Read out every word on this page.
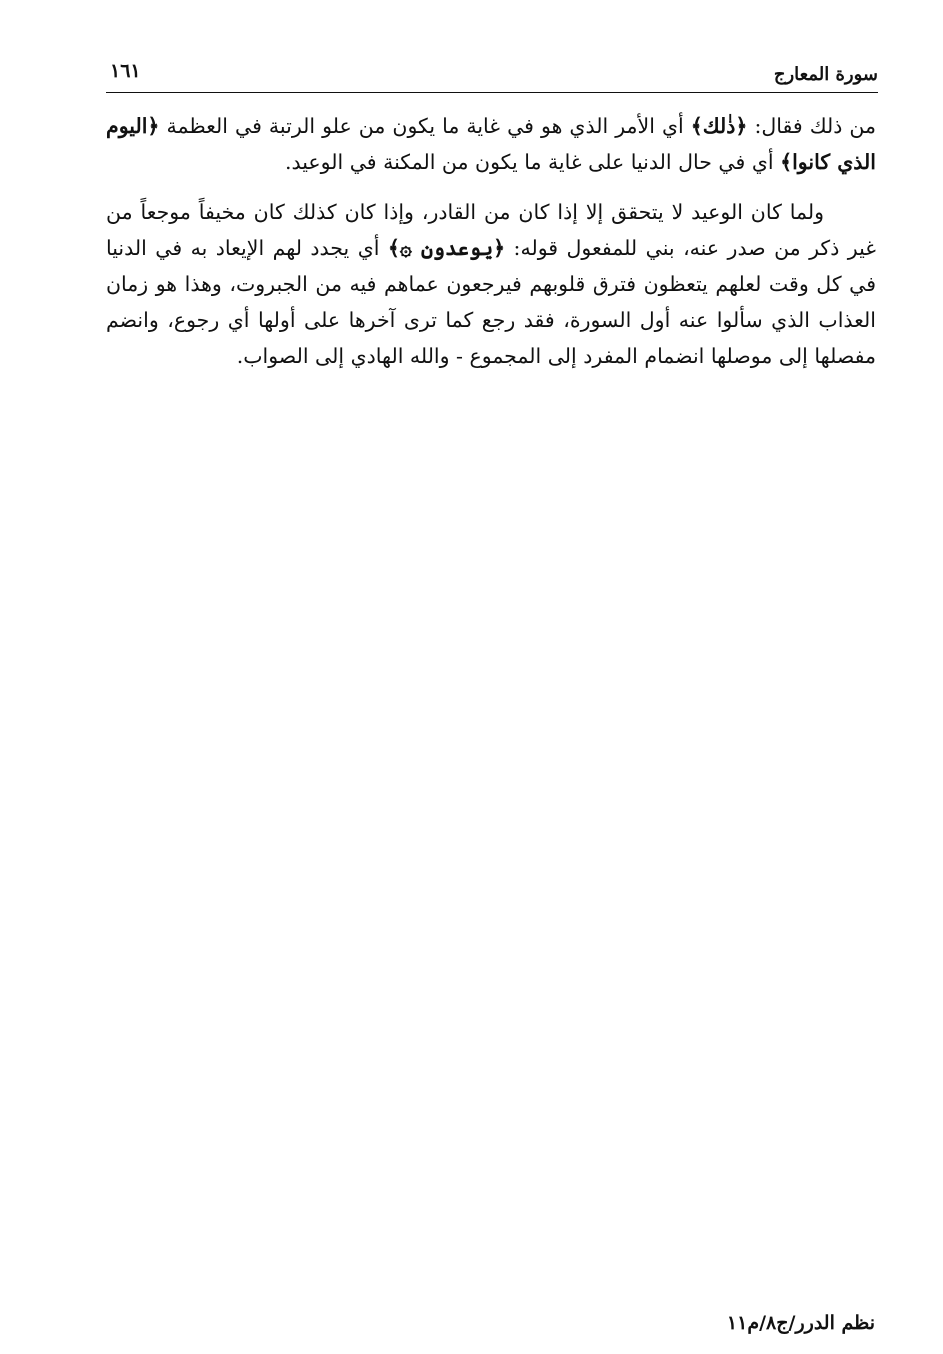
سورة المعارج
١٦١

من ذلك فقال: ﴿ذٰلك﴾ أي الأمر الذي هو في غاية ما يكون من علو الرتبة في العظمة ﴿اليوم الذي كانوا﴾ أي في حال الدنيا على غاية ما يكون من المكنة في الوعيد.

ولما كان الوعيد لا يتحقق إلا إذا كان من القادر، وإذا كان كذلك كان مخيفاً موجعاً من غير ذكر من صدر عنه، بني للمفعول قوله: ﴿يوعدون ۞﴾ أي يجدد لهم الإيعاد به في الدنيا في كل وقت لعلهم يتعظون فترق قلوبهم فيرجعون عماهم فيه من الجبروت، وهذا هو زمان العذاب الذي سألوا عنه أول السورة، فقد رجع كما ترى آخرها على أولها أي رجوع، وانضم مفصلها إلى موصلها انضمام المفرد إلى المجموع - والله الهادي إلى الصواب.

نظم الدرر/ج٨/م١١
